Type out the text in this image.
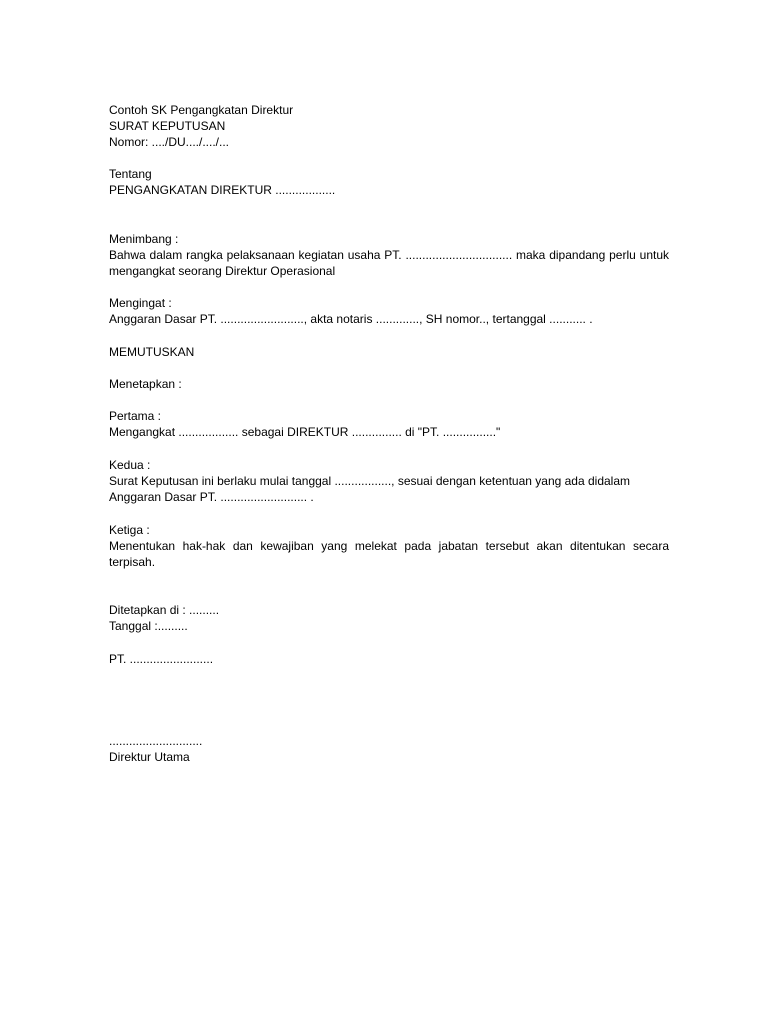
Contoh SK Pengangkatan Direktur
SURAT KEPUTUSAN
Nomor: ..../DU..../..../...
Tentang
PENGANGKATAN DIREKTUR ..................
Menimbang :
Bahwa dalam rangka pelaksanaan kegiatan usaha PT. ................................ maka dipandang perlu untuk mengangkat seorang Direktur Operasional
Mengingat :
Anggaran Dasar PT. ........................., akta notaris ............., SH nomor.., tertanggal ........... .
MEMUTUSKAN
Menetapkan :
Pertama :
Mengangkat .................. sebagai DIREKTUR ............... di "PT. ................"
Kedua :
Surat Keputusan ini berlaku mulai tanggal ................., sesuai dengan ketentuan yang ada didalam
Anggaran Dasar PT. .......................... .
Ketiga :
Menentukan hak-hak dan kewajiban yang melekat pada jabatan tersebut akan ditentukan secara terpisah.
Ditetapkan di : .........
Tanggal :.........
PT. .........................
............................
Direktur Utama
